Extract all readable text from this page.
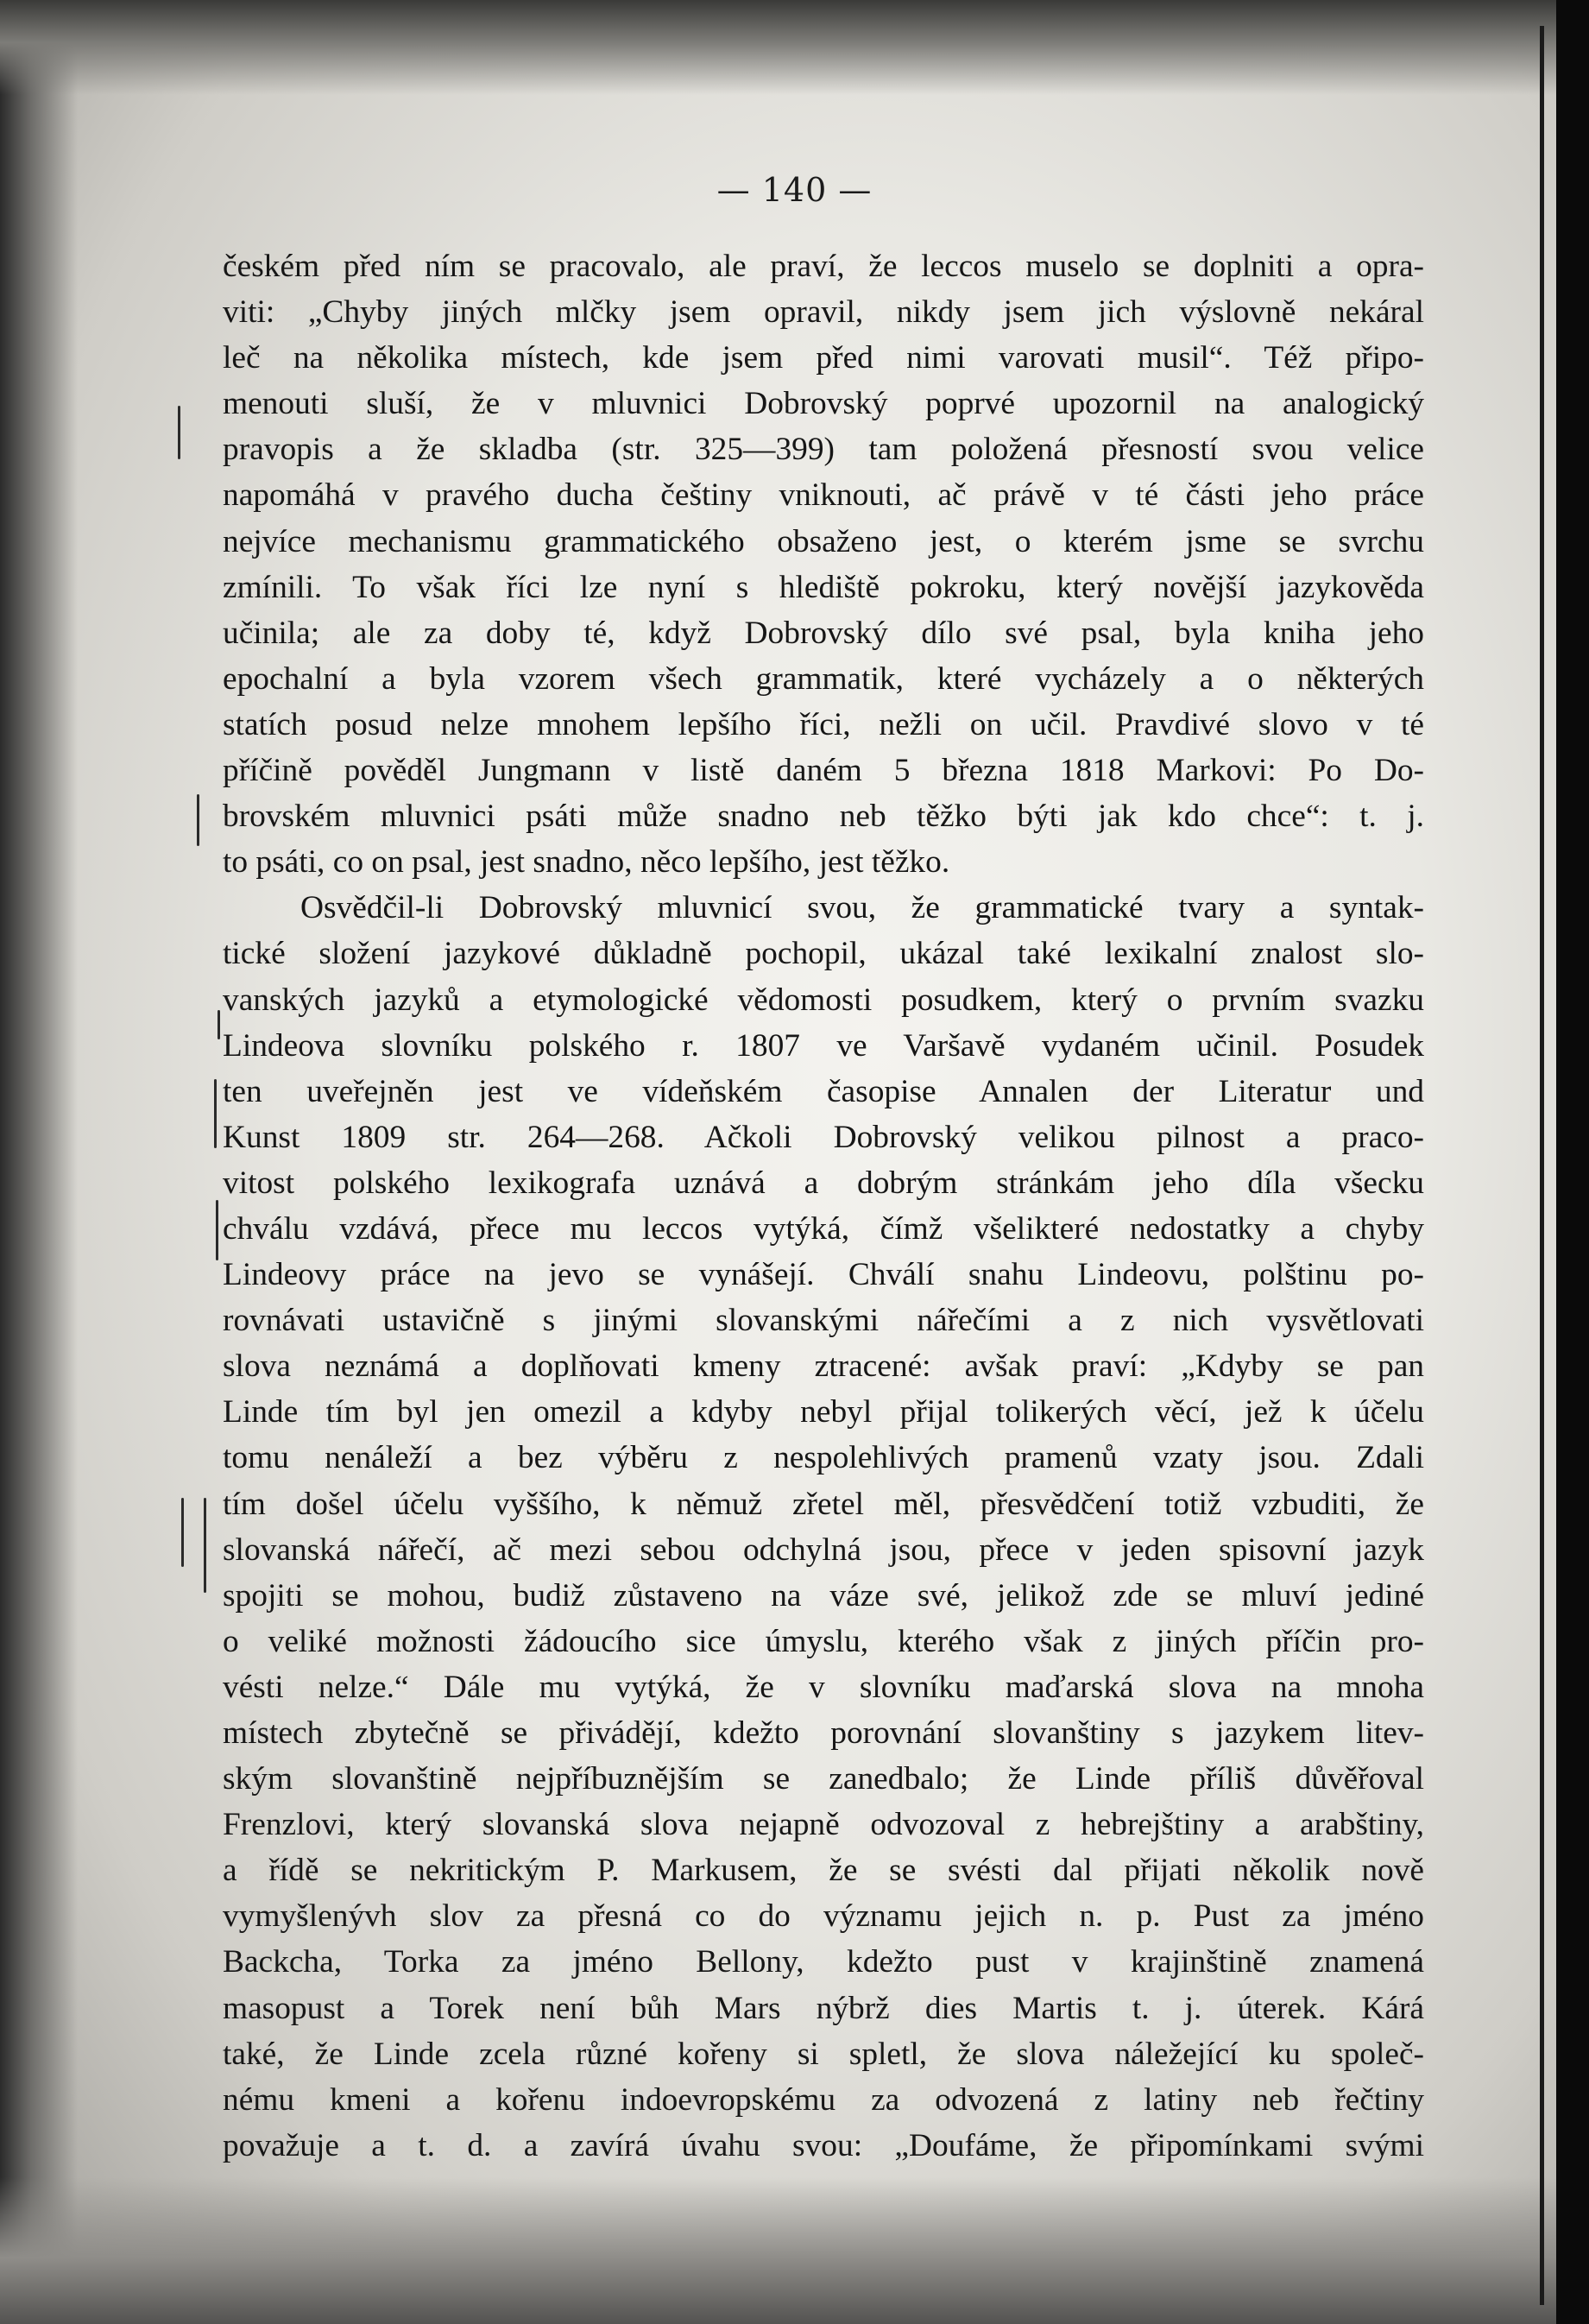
— 140 —
českém před ním se pracovalo, ale praví, že leccos muselo se doplniti a opra-
viti: „Chyby jiných mlčky jsem opravil, nikdy jsem jich výslovně nekáral
leč na několika místech, kde jsem před nimi varovati musil“. Též připo-
menouti sluší, že v mluvnici Dobrovský poprvé upozornil na analogický
pravopis a že skladba (str. 325—399) tam položená přesností svou velice
napomáhá v pravého ducha češtiny vniknouti, ač právě v té části jeho práce
nejvíce mechanismu grammatického obsaženo jest, o kterém jsme se svrchu
zmínili. To však říci lze nyní s hlediště pokroku, který novější jazykověda
učinila; ale za doby té, když Dobrovský dílo své psal, byla kniha jeho
epochalní a byla vzorem všech grammatik, které vycházely a o některých
statích posud nelze mnohem lepšího říci, nežli on učil. Pravdivé slovo v té
příčině pověděl Jungmann v listě daném 5 března 1818 Markovi: Po Do-
brovském mluvnici psáti může snadno neb těžko býti jak kdo chce“: t. j.
to psáti, co on psal, jest snadno, něco lepšího, jest těžko.
Osvědčil-li Dobrovský mluvnicí svou, že grammatické tvary a syntak-
tické složení jazykové důkladně pochopil, ukázal také lexikalní znalost slo-
vanských jazyků a etymologické vědomosti posudkem, který o prvním svazku
Lindeova slovníku polského r. 1807 ve Varšavě vydaném učinil. Posudek
ten uveřejněn jest ve vídeňském časopise Annalen der Literatur und
Kunst 1809 str. 264—268. Ačkoli Dobrovský velikou pilnost a praco-
vitost polského lexikografa uznává a dobrým stránkám jeho díla všecku
chválu vzdává, přece mu leccos vytýká, čímž všelikteré nedostatky a chyby
Lindeovy práce na jevo se vynášejí. Chválí snahu Lindeovu, polštinu po-
rovnávati ustavičně s jinými slovanskými nářečími a z nich vysvětlovati
slova neznámá a doplňovati kmeny ztracené: avšak praví: „Kdyby se pan
Linde tím byl jen omezil a kdyby nebyl přijal tolikerých věcí, jež k účelu
tomu nenáleží a bez výběru z nespolehlivých pramenů vzaty jsou. Zdali
tím došel účelu vyššího, k němuž zřetel měl, přesvědčení totiž vzbuditi, že
slovanská nářečí, ač mezi sebou odchylná jsou, přece v jeden spisovní jazyk
spojiti se mohou, budiž zůstaveno na váze své, jelikož zde se mluví jediné
o veliké možnosti žádoucího sice úmyslu, kterého však z jiných příčin pro-
vésti nelze.“ Dále mu vytýká, že v slovníku maďarská slova na mnoha
místech zbytečně se přivádějí, kdežto porovnání slovanštiny s jazykem litev-
ským slovanštině nejpříbuznějším se zanedbalo; že Linde příliš důvěřoval
Frenzlovi, který slovanská slova nejapně odvozoval z hebrejštiny a arabštiny,
a řídě se nekritickým P. Markusem, že se svésti dal přijati několik nově
vymyšlenývh slov za přesná co do významu jejich n. p. Pust za jméno
Backcha, Torka za jméno Bellony, kdežto pust v krajinštině znamená
masopust a Torek není bůh Mars nýbrž dies Martis t. j. úterek. Kárá
také, že Linde zcela různé kořeny si spletl, že slova náležející ku společ-
nému kmeni a kořenu indoevropskému za odvozená z latiny neb řečtiny
považuje a t. d. a zavírá úvahu svou: „Doufáme, že připomínkami svými
